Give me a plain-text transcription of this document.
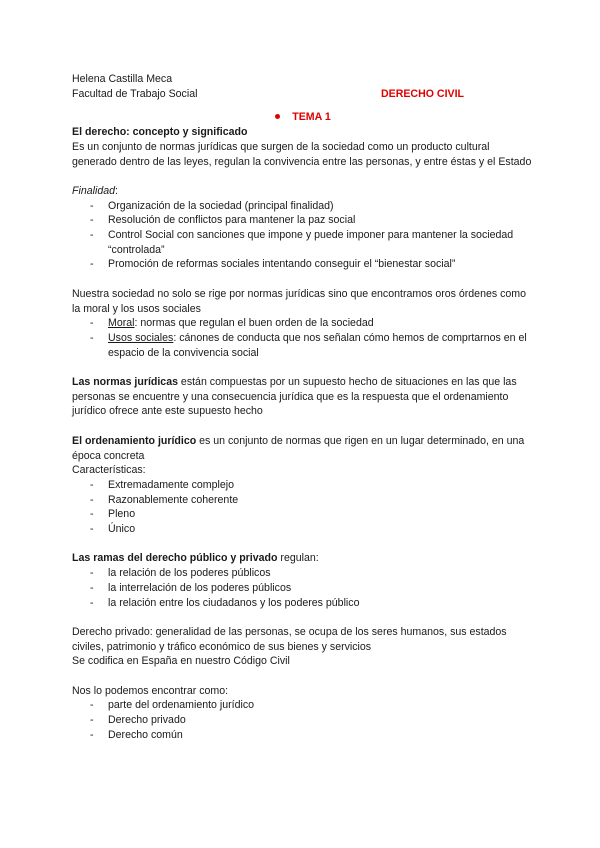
Helena Castilla Meca
Facultad de Trabajo Social	DERECHO CIVIL
TEMA 1

El derecho: concepto y significado

Es un conjunto de normas jurídicas que surgen de la sociedad como un producto cultural generado dentro de las leyes, regulan la convivencia entre las personas, y entre éstas y el Estado

Finalidad:

- Organización de la sociedad (principal finalidad)
- Resolución de conflictos para mantener la paz social
- Control Social con sanciones que impone y puede imponer para mantener la sociedad “controlada”
- Promoción de reformas sociales intentando conseguir el “bienestar social”

Nuestra sociedad no solo se rige por normas jurídicas sino que encontramos oros órdenes como la moral y los usos sociales

- Moral: normas que regulan el buen orden de la sociedad
- Usos sociales: cánones de conducta que nos señalan cómo hemos de comprtarnos en el espacio de la convivencia social

Las normas jurídicas están compuestas por un supuesto hecho de situaciones en las que las personas se encuentre y una consecuencia jurídica que es la respuesta que el ordenamiento jurídico ofrece ante este supuesto hecho

El ordenamiento jurídico es un conjunto de normas que rigen en un lugar determinado, en una época concreta

Características:

- Extremadamente complejo
- Razonablemente coherente
- Pleno
- Único

Las ramas del derecho público y privado regulan:

- la relación de los poderes públicos
- la interrelación de los poderes públicos
- la relación entre los ciudadanos y los poderes público

Derecho privado: generalidad de las personas, se ocupa de los seres humanos, sus estados civiles, patrimonio y tráfico económico de sus bienes y servicios

Se codifica en España en nuestro Código Civil

Nos lo podemos encontrar como:

- parte del ordenamiento jurídico
- Derecho privado
- Derecho común
